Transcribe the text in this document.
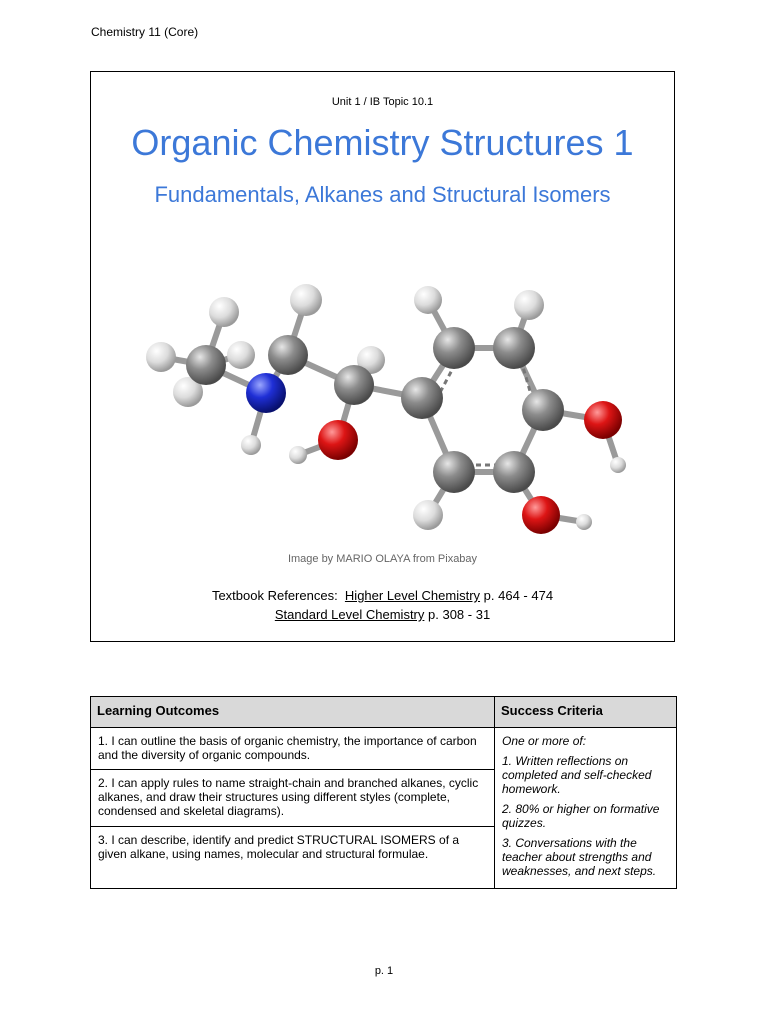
Chemistry 11 (Core)
Unit 1 / IB Topic 10.1
Organic Chemistry Structures 1
Fundamentals, Alkanes and Structural Isomers
Image by MARIO OLAYA from Pixabay
Textbook References: Higher Level Chemistry p. 464 - 474
Standard Level Chemistry p. 308 - 31
Learning Outcomes	Success Criteria
1. I can outline the basis of organic chemistry, the importance of carbon and the diversity of organic compounds.	One or more of:
1. Written reflections on completed and self-checked homework.
2. 80% or higher on formative quizzes.
3. Conversations with the teacher about strengths and weaknesses, and next steps.

2. I can apply rules to name straight-chain and branched alkanes, cyclic alkanes, and draw their structures using different styles (complete, condensed and skeletal diagrams).	
3. I can describe, identify and predict STRUCTURAL ISOMERS of a given alkane, using names, molecular and structural formulae.	
p. 1
